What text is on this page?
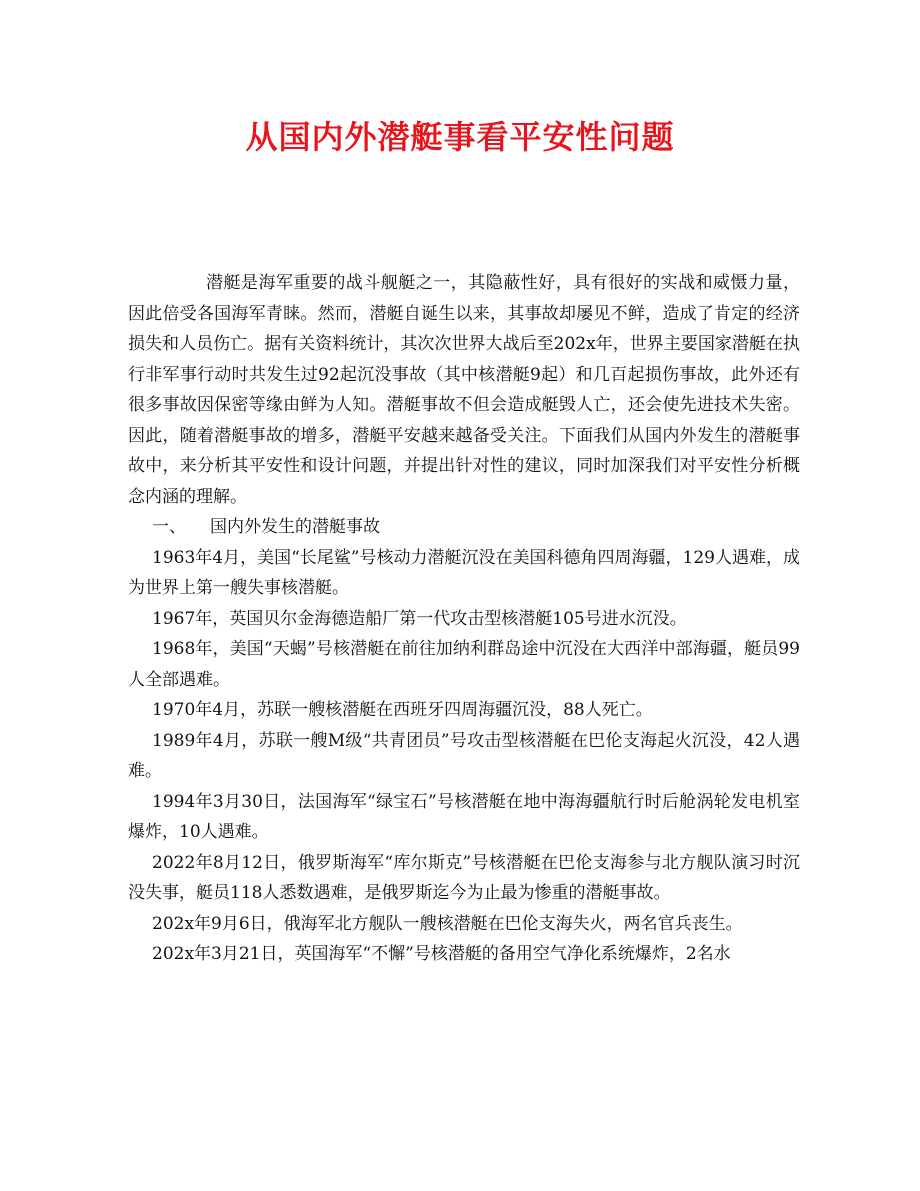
从国内外潜艇事看平安性问题

潜艇是海军重要的战斗舰艇之一，其隐蔽性好，具有很好的实战和威慑力量，因此倍受各国海军青睐。然而，潜艇自诞生以来，其事故却屡见不鲜，造成了肯定的经济损失和人员伤亡。据有关资料统计，其次次世界大战后至202x年，世界主要国家潜艇在执行非军事行动时共发生过92起沉没事故（其中核潜艇9起）和几百起损伤事故，此外还有很多事故因保密等缘由鲜为人知。潜艇事故不但会造成艇毁人亡，还会使先进技术失密。因此，随着潜艇事故的增多，潜艇平安越来越备受关注。下面我们从国内外发生的潜艇事故中，来分析其平安性和设计问题，并提出针对性的建议，同时加深我们对平安性分析概念内涵的理解。

一、 国内外发生的潜艇事故

1963年4月，美国“长尾鲨”号核动力潜艇沉没在美国科德角四周海疆，129人遇难，成为世界上第一艘失事核潜艇。

1967年，英国贝尔金海德造船厂第一代攻击型核潜艇105号进水沉没。

1968年，美国“天蝎”号核潜艇在前往加纳利群岛途中沉没在大西洋中部海疆，艇员99人全部遇难。

1970年4月，苏联一艘核潜艇在西班牙四周海疆沉没，88人死亡。

1989年4月，苏联一艘M级“共青团员”号攻击型核潜艇在巴伦支海起火沉没，42人遇难。

1994年3月30日，法国海军“绿宝石”号核潜艇在地中海海疆航行时后舱涡轮发电机室爆炸，10人遇难。

2022年8月12日，俄罗斯海军“库尔斯克”号核潜艇在巴伦支海参与北方舰队演习时沉没失事，艇员118人悉数遇难，是俄罗斯迄今为止最为惨重的潜艇事故。

202x年9月6日，俄海军北方舰队一艘核潜艇在巴伦支海失火，两名官兵丧生。

202x年3月21日，英国海军“不懈”号核潜艇的备用空气净化系统爆炸，2名水
